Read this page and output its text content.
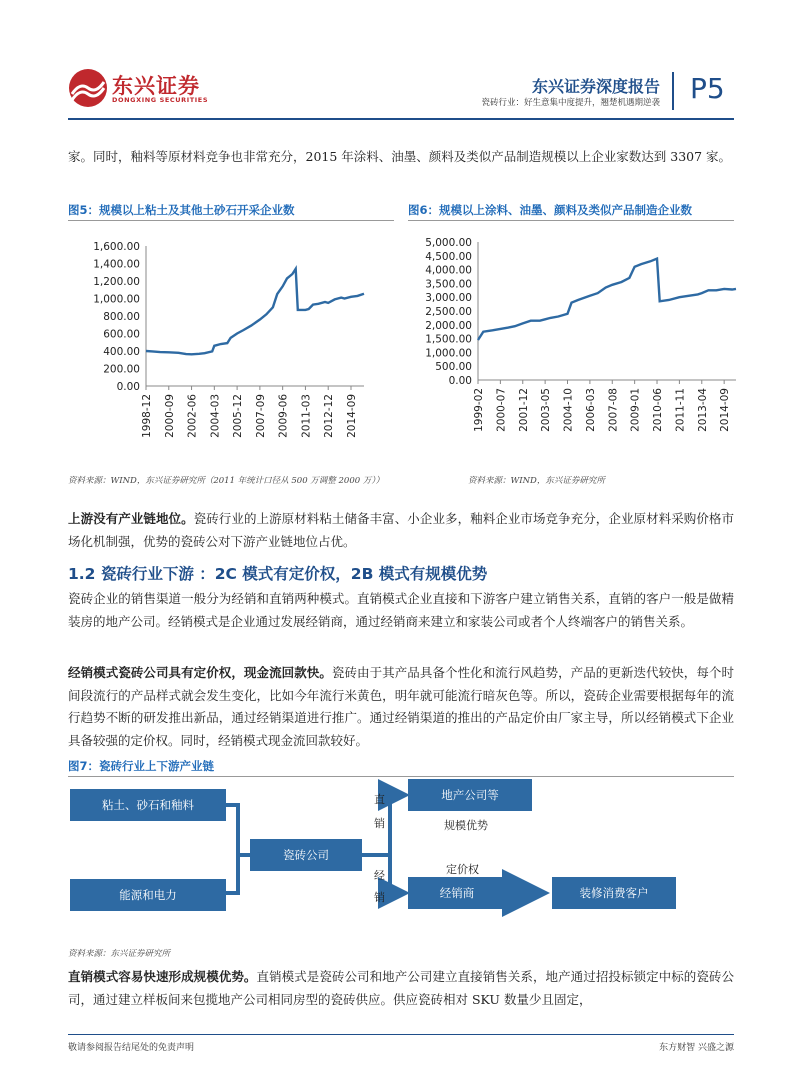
东兴证券
DONGXING SECURITIES
东兴证券深度报告
瓷砖行业：好生意集中度提升，翘楚机遇期逆袭 P5
家。同时，釉料等原材料竞争也非常充分，2015 年涂料、油墨、颜料及类似产品制造规模以上企业家数达到 3307 家。
图5：规模以上粘土及其他土砂石开采企业数	图6：规模以上涂料、油墨、颜料及类似产品制造企业数
1,600.00
1,400.00
1,200.00
1,000.00
800.00
600.00
400.00
200.00
0.00
1998-12 2000-09 2002-06 2004-03 2005-12 2007-09 2009-06 2011-03 2012-12 2014-09
5,000.00
4,500.00
4,000.00
3,500.00
3,000.00
2,500.00
2,000.00
1,500.00
1,000.00
500.00
0.00
1999-02 2000-07 2001-12 2003-05 2004-10 2006-03 2007-08 2009-01 2010-06 2011-11 2013-04 2014-09
资料来源：WIND，东兴证券研究所（2011 年统计口径从 500 万调整 2000 万））	资料来源：WIND，东兴证券研究所
上游没有产业链地位。瓷砖行业的上游原材料粘土储备丰富、小企业多，釉料企业市场竞争充分，企业原材料采购价格市场化机制强，优势的瓷砖公对下游产业链地位占优。
1.2 瓷砖行业下游 ：2C 模式有定价权，2B 模式有规模优势
瓷砖企业的销售渠道一般分为经销和直销两种模式。直销模式企业直接和下游客户建立销售关系，直销的客户一般是做精装房的地产公司。经销模式是企业通过发展经销商，通过经销商来建立和家装公司或者个人终端客户的销售关系。
经销模式瓷砖公司具有定价权，现金流回款快。瓷砖由于其产品具备个性化和流行风趋势，产品的更新迭代较快，每个时间段流行的产品样式就会发生变化，比如今年流行米黄色，明年就可能流行暗灰色等。所以，瓷砖企业需要根据每年的流行趋势不断的研发推出新品，通过经销渠道进行推广。通过经销渠道的推出的产品定价由厂家主导，所以经销模式下企业具备较强的定价权。同时，经销模式现金流回款较好。
图7：瓷砖行业上下游产业链
粘土、砂石和釉料
能源和电力
瓷砖公司
地产公司等
经销商	装修消费客户
直
销
经
销
规模优势
定价权
资料来源：东兴证券研究所
直销模式容易快速形成规模优势。直销模式是瓷砖公司和地产公司建立直接销售关系，地产通过招投标锁定中标的瓷砖公司，通过建立样板间来包揽地产公司相同房型的瓷砖供应。供应瓷砖相对 SKU 数量少且固定，
敬请参阅报告结尾处的免责声明	东方财智 兴盛之源
